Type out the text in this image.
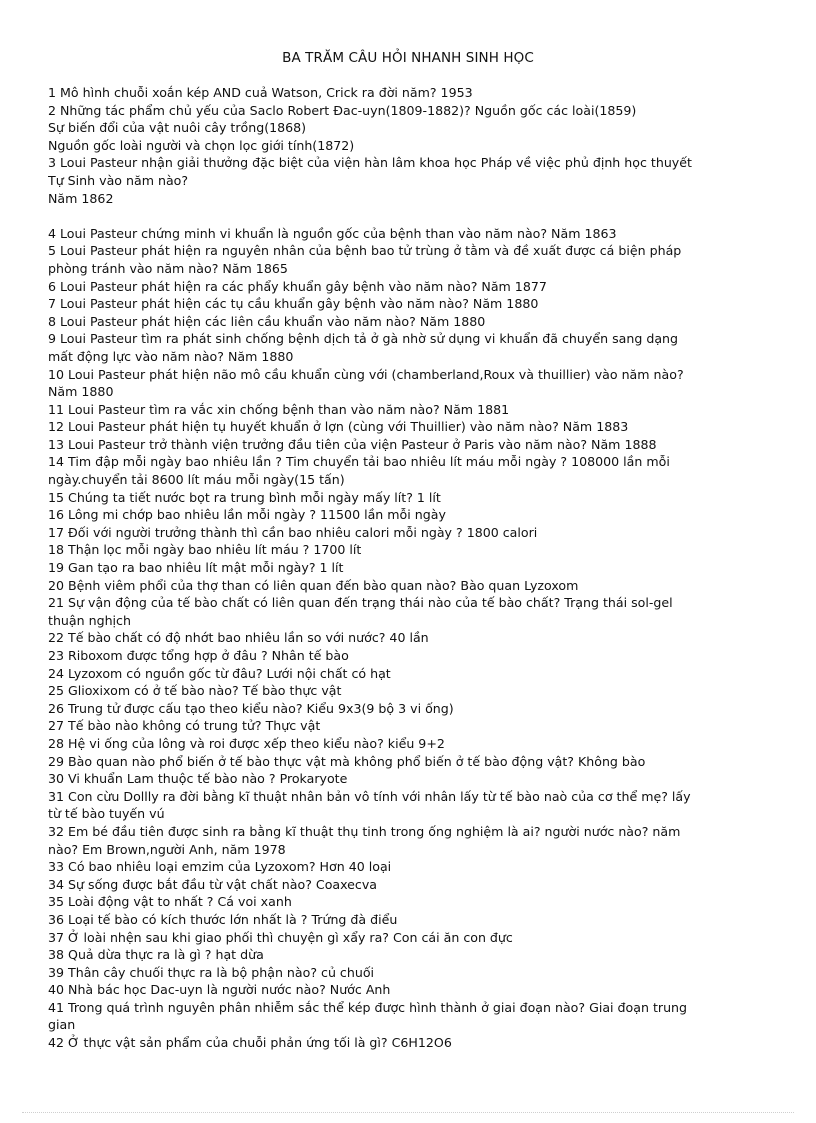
BA TRĂM CÂU HỎI NHANH SINH HỌC
1 Mô hình chuỗi xoắn kép AND cuả Watson, Crick ra đời năm? 1953
2 Những tác phẩm chủ yếu của Saclo Robert Đac-uyn(1809-1882)? Nguồn gốc các loài(1859)
Sự biến đổi của vật nuôi cây trồng(1868)
Nguồn gốc loài người và chọn lọc giới tính(1872)
3 Loui Pasteur nhận giải thưởng đặc biệt của viện hàn lâm khoa học Pháp về việc phủ định học thuyết
Tự Sinh vào năm nào?
Năm 1862
4 Loui Pasteur chứng minh vi khuẩn là nguồn gốc của bệnh than vào năm nào? Năm 1863
5 Loui Pasteur phát hiện ra nguyên nhân của bệnh bao tử trùng ở tằm và đề xuất được cá biện pháp
phòng tránh vào năm nào? Năm 1865
6 Loui Pasteur phát hiện ra các phẩy khuẩn gây bệnh vào năm nào? Năm 1877
7 Loui Pasteur phát hiện các tụ cầu khuẩn gây bệnh vào năm nào? Năm 1880
8 Loui Pasteur phát hiện các liên cầu khuẩn vào năm nào? Năm 1880
9 Loui Pasteur tìm ra phát sinh chống bệnh dịch tả ở gà nhờ sử dụng vi khuẩn đã chuyển sang dạng
mất động lực vào năm nào? Năm 1880
10 Loui Pasteur phát hiện não mô cầu khuẩn cùng với (chamberland,Roux và thuillier) vào năm nào?
Năm 1880
11 Loui Pasteur tìm ra vắc xin chống bệnh than vào năm nào? Năm 1881
12 Loui Pasteur phát hiện tụ huyết khuẩn ở lợn (cùng với Thuillier) vào năm nào? Năm 1883
13 Loui Pasteur trở thành viện trưởng đầu tiên của viện Pasteur ở Paris vào năm nào? Năm 1888
14 Tim đập mỗi ngày bao nhiêu lần ? Tim chuyển tải bao nhiêu lít máu mỗi ngày ? 108000 lần mỗi
ngày.chuyển tải 8600 lít máu mỗi ngày(15 tấn)
15 Chúng ta tiết nước bọt ra trung bình mỗi ngày mấy lít? 1 lít
16 Lông mi chớp bao nhiêu lần mỗi ngày ? 11500 lần mỗi ngày
17 Đối với người trưởng thành thì cần bao nhiêu calori mỗi ngày ? 1800 calori
18 Thận lọc mỗi ngày bao nhiêu lít máu ? 1700 lít
19 Gan tạo ra bao nhiêu lít mật mỗi ngày? 1 lít
20 Bệnh viêm phổi của thợ than có liên quan đến bào quan nào? Bào quan Lyzoxom
21 Sự vận động của tế bào chất có liên quan đến trạng thái nào của tế bào chất? Trạng thái sol-gel
thuận nghịch
22 Tế bào chất có độ nhớt bao nhiêu lần so với nước? 40 lần
23 Riboxom được tổng hợp ở đâu ? Nhân tế bào
24 Lyzoxom có nguồn gốc từ đâu? Lưới nội chất có hạt
25 Glioxixom có ở tế bào nào? Tế bào thực vật
26 Trung tử được cấu tạo theo kiểu nào? Kiểu 9x3(9 bộ 3 vi ống)
27 Tế bào nào không có trung tử? Thực vật
28 Hệ vi ống của lông và roi được xếp theo kiểu nào? kiểu 9+2
29 Bào quan nào phổ biến ở tế bào thực vật mà không phổ biến ở tế bào động vật? Không bào
30 Vi khuẩn Lam thuộc tế bào nào ? Prokaryote
31 Con cừu Dollly ra đời bằng kĩ thuật nhân bản vô tính với nhân lấy từ tế bào naò của cơ thể mẹ? lấy
từ tế bào tuyến vú
32 Em bé đầu tiên được sinh ra bằng kĩ thuật thụ tinh trong ống nghiệm là ai? người nước nào? năm
nào? Em Brown,người Anh, năm 1978
33 Có bao nhiêu loại emzim của Lyzoxom? Hơn 40 loại
34 Sự sống được bắt đầu từ vật chất nào? Coaxecva
35 Loài động vật to nhất ? Cá voi xanh
36 Loại tế bào có kích thước lớn nhất là ? Trứng đà điểu
37 Ở loài nhện sau khi giao phối thì chuyện gì xẩy ra? Con cái ăn con đực
38 Quả dừa thực ra là gì ? hạt dừa
39 Thân cây chuối thực ra là bộ phận nào? củ chuối
40 Nhà bác học Dac-uyn là người nước nào? Nước Anh
41 Trong quá trình nguyên phân nhiễm sắc thể kép được hình thành ở giai đoạn nào? Giai đoạn trung
gian
42 Ở thực vật sản phẩm của chuỗi phản ứng tối là gì? C6H12O6
